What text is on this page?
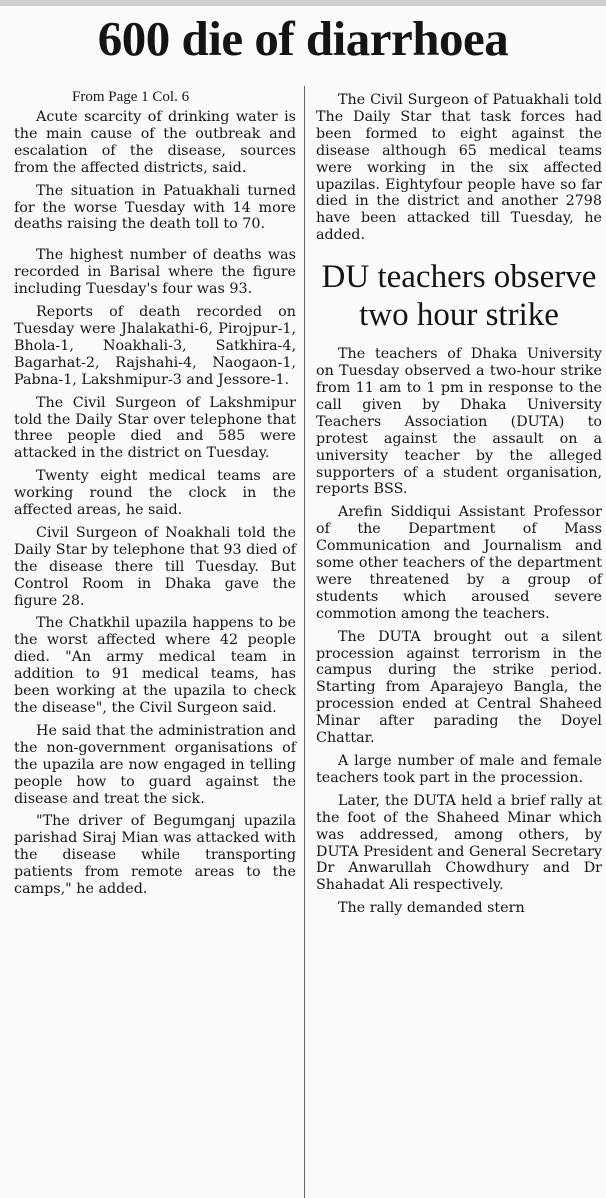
600 die of diarrhoea
From Page 1 Col. 6

Acute scarcity of drinking water is the main cause of the outbreak and escalation of the disease, sources from the affected districts, said.

The situation in Patuakhali turned for the worse Tuesday with 14 more deaths raising the death toll to 70.

The highest number of deaths was recorded in Barisal where the figure including Tuesday's four was 93.

Reports of death recorded on Tuesday were Jhalakathi-6, Pirojpur-1, Bhola-1, Noakhali-3, Satkhira-4, Bagarhat-2, Rajshahi-4, Naogaon-1, Pabna-1, Lakshmipur-3 and Jessore-1.

The Civil Surgeon of Lakshmipur told the Daily Star over telephone that three people died and 585 were attacked in the district on Tuesday.

Twenty eight medical teams are working round the clock in the affected areas, he said.

Civil Surgeon of Noakhali told the Daily Star by telephone that 93 died of the disease there till Tuesday. But Control Room in Dhaka gave the figure 28.

The Chatkhil upazila happens to be the worst affected where 42 people died. "An army medical team in addition to 91 medical teams, has been working at the upazila to check the disease", the Civil Surgeon said.

He said that the administration and the non-government organisations of the upazila are now engaged in telling people how to guard against the disease and treat the sick.

"The driver of Begumganj upazila parishad Siraj Mian was attacked with the disease while transporting patients from remote areas to the camps," he added.

The Civil Surgeon of Patuakhali told The Daily Star that task forces had been formed to eight against the disease although 65 medical teams were working in the six affected upazilas. Eightyfour people have so far died in the district and another 2798 have been attacked till Tuesday, he added.

DU teachers observe two hour strike

The teachers of Dhaka University on Tuesday observed a two-hour strike from 11 am to 1 pm in response to the call given by Dhaka University Teachers Association (DUTA) to protest against the assault on a university teacher by the alleged supporters of a student organisation, reports BSS.

Arefin Siddiqui Assistant Professor of the Department of Mass Communication and Journalism and some other teachers of the department were threatened by a group of students which aroused severe commotion among the teachers.

The DUTA brought out a silent procession against terrorism in the campus during the strike period. Starting from Aparajeyo Bangla, the procession ended at Central Shaheed Minar after parading the Doyel Chattar.

A large number of male and female teachers took part in the procession.

Later, the DUTA held a brief rally at the foot of the Shaheed Minar which was addressed, among others, by DUTA President and General Secretary Dr Anwarullah Chowdhury and Dr Shahadat Ali respectively.

The rally demanded stern
